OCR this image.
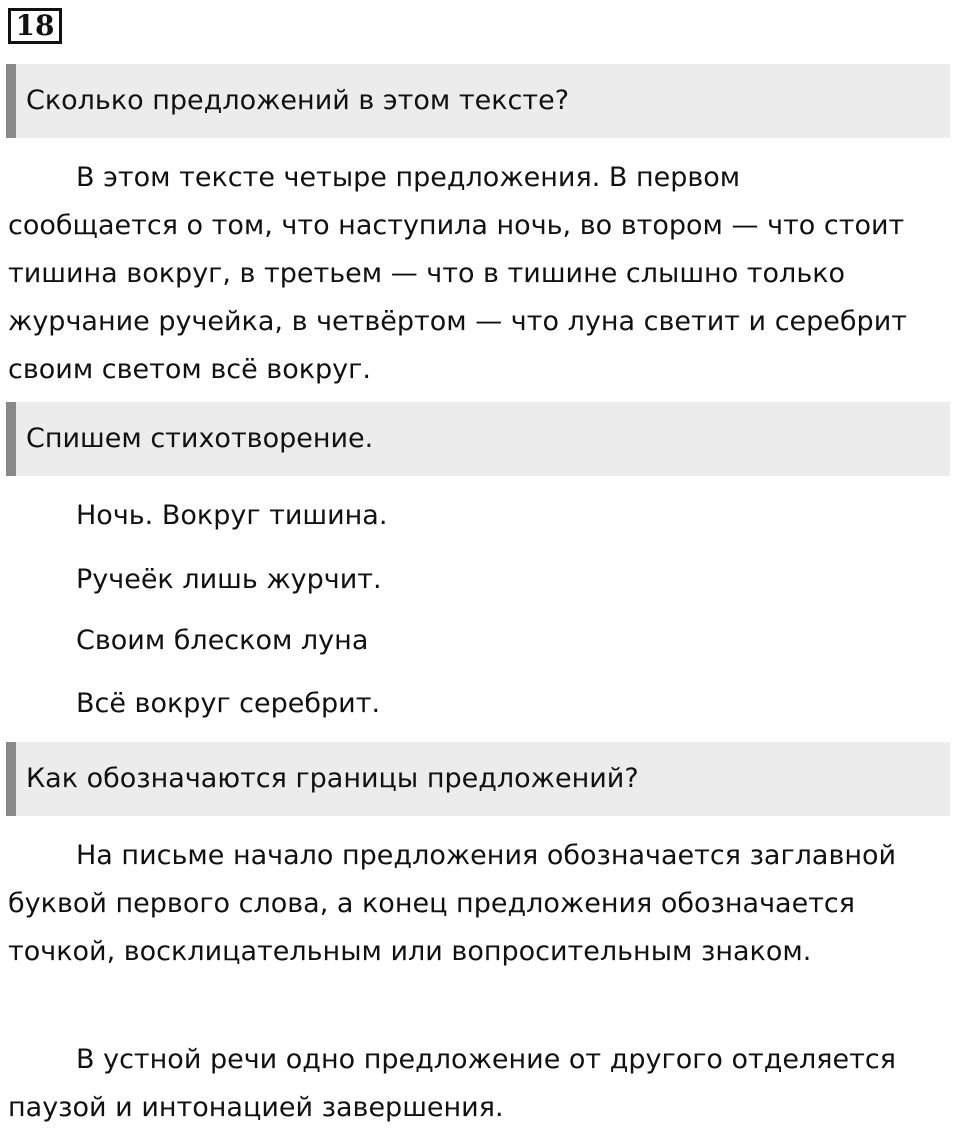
18
Сколько предложений в этом тексте?

В этом тексте четыре предложения. В первом сообщается о том, что наступила ночь, во втором — что стоит тишина вокруг, в третьем — что в тишине слышно только журчание ручейка, в четвёртом — что луна светит и серебрит своим светом всё вокруг.

Спишем стихотворение.
Ночь. Вокруг тишина.
Ручеёк лишь журчит.
Своим блеском луна
Всё вокруг серебрит.
Как обозначаются границы предложений?

На письме начало предложения обозначается заглавной буквой первого слова, а конец предложения обозначается точкой, восклицательным или вопросительным знаком.

В устной речи одно предложение от другого отделяется паузой и интонацией завершения.
